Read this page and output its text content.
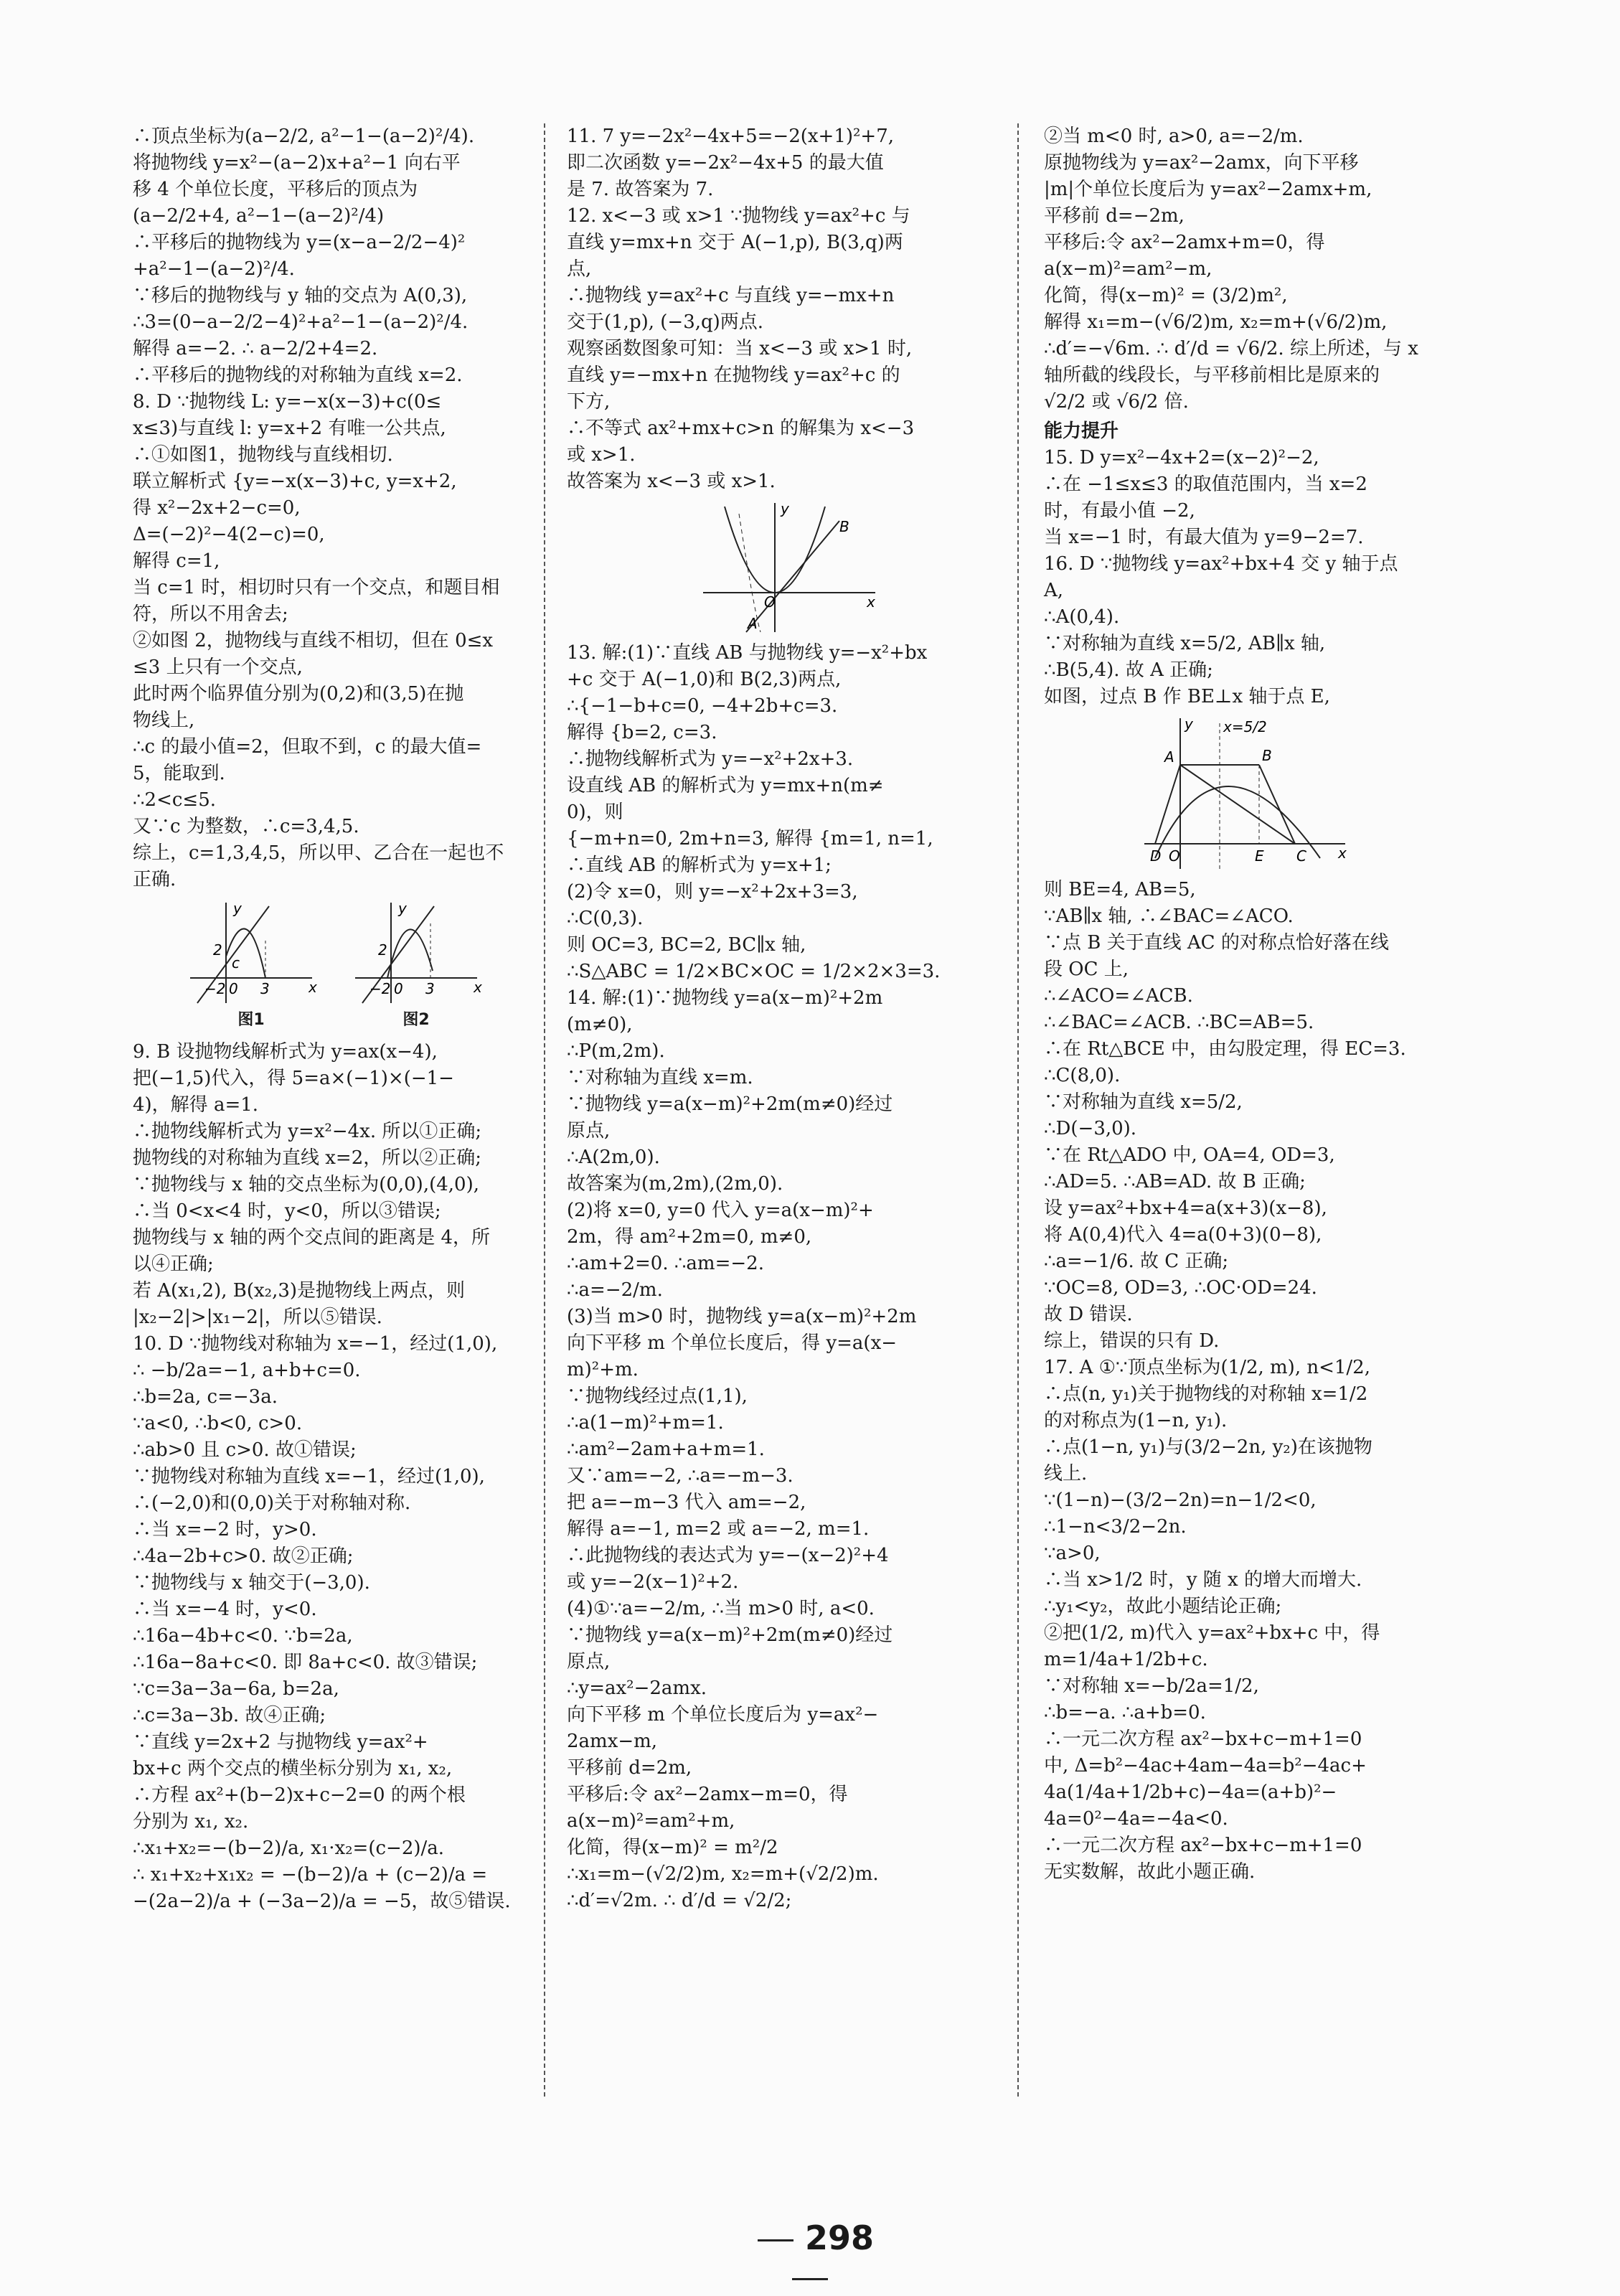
∴顶点坐标为(a−2/2, a²−1−(a−2)²/4).
将抛物线 y=x²−(a−2)x+a²−1 向右平
移 4 个单位长度，平移后的顶点为
(a−2/2+4, a²−1−(a−2)²/4)
∴平移后的抛物线为 y=(x−a−2/2−4)²
+a²−1−(a−2)²/4.
∵移后的抛物线与 y 轴的交点为 A(0,3),
∴3=(0−a−2/2−4)²+a²−1−(a−2)²/4.
解得 a=−2. ∴ a−2/2+4=2.
∴平移后的抛物线的对称轴为直线 x=2.
8. D ∵抛物线 L: y=−x(x−3)+c(0≤
x≤3)与直线 l: y=x+2 有唯一公共点,
∴①如图1，抛物线与直线相切.
联立解析式 {y=−x(x−3)+c, y=x+2,
得 x²−2x+2−c=0,
Δ=(−2)²−4(2−c)=0,
解得 c=1,
当 c=1 时，相切时只有一个交点，和题目相
符，所以不用舍去;
②如图 2，抛物线与直线不相切，但在 0≤x
≤3 上只有一个交点,
此时两个临界值分别为(0,2)和(3,5)在抛
物线上,
∴c 的最小值=2，但取不到，c 的最大值=
5，能取到.
∴2<c≤5.
又∵c 为整数，∴c=3,4,5.
综上，c=1,3,4,5，所以甲、乙合在一起也不
正确.
y
x
−2 0 3
2
c
图1
y
x
−2 0 3
2
图2
9. B 设抛物线解析式为 y=ax(x−4),
把(−1,5)代入，得 5=a×(−1)×(−1−
4)，解得 a=1.
∴抛物线解析式为 y=x²−4x. 所以①正确;
抛物线的对称轴为直线 x=2，所以②正确;
∵抛物线与 x 轴的交点坐标为(0,0),(4,0),
∴当 0<x<4 时，y<0，所以③错误;
抛物线与 x 轴的两个交点间的距离是 4，所
以④正确;
若 A(x₁,2), B(x₂,3)是抛物线上两点，则
|x₂−2|>|x₁−2|，所以⑤错误.
10. D ∵抛物线对称轴为 x=−1，经过(1,0),
∴ −b/2a=−1, a+b+c=0.
∴b=2a, c=−3a.
∵a<0, ∴b<0, c>0.
∴ab>0 且 c>0. 故①错误;
∵抛物线对称轴为直线 x=−1，经过(1,0),
∴(−2,0)和(0,0)关于对称轴对称.
∴当 x=−2 时，y>0.
∴4a−2b+c>0. 故②正确;
∵抛物线与 x 轴交于(−3,0).
∴当 x=−4 时，y<0.
∴16a−4b+c<0. ∵b=2a,
∴16a−8a+c<0. 即 8a+c<0. 故③错误;
∵c=3a−3a−6a, b=2a,
∴c=3a−3b. 故④正确;
∵直线 y=2x+2 与抛物线 y=ax²+
bx+c 两个交点的横坐标分别为 x₁, x₂,
∴方程 ax²+(b−2)x+c−2=0 的两个根
分别为 x₁, x₂.
∴x₁+x₂=−(b−2)/a, x₁·x₂=(c−2)/a.
∴ x₁+x₂+x₁x₂ = −(b−2)/a + (c−2)/a =
−(2a−2)/a + (−3a−2)/a = −5，故⑤错误.
11. 7 y=−2x²−4x+5=−2(x+1)²+7,
即二次函数 y=−2x²−4x+5 的最大值
是 7. 故答案为 7.
12. x<−3 或 x>1 ∵抛物线 y=ax²+c 与
直线 y=mx+n 交于 A(−1,p), B(3,q)两
点,
∴抛物线 y=ax²+c 与直线 y=−mx+n
交于(1,p), (−3,q)两点.
观察函数图象可知：当 x<−3 或 x>1 时,
直线 y=−mx+n 在抛物线 y=ax²+c 的
下方,
∴不等式 ax²+mx+c>n 的解集为 x<−3
或 x>1.
故答案为 x<−3 或 x>1.
y
x
O
A
B
13. 解:(1)∵直线 AB 与抛物线 y=−x²+bx
+c 交于 A(−1,0)和 B(2,3)两点,
∴{−1−b+c=0, −4+2b+c=3.
解得 {b=2, c=3.
∴抛物线解析式为 y=−x²+2x+3.
设直线 AB 的解析式为 y=mx+n(m≠
0)，则
{−m+n=0, 2m+n=3, 解得 {m=1, n=1,
∴直线 AB 的解析式为 y=x+1;
(2)令 x=0，则 y=−x²+2x+3=3,
∴C(0,3).
则 OC=3, BC=2, BC∥x 轴,
∴S△ABC = 1/2×BC×OC = 1/2×2×3=3.
14. 解:(1)∵抛物线 y=a(x−m)²+2m
(m≠0),
∴P(m,2m).
∵对称轴为直线 x=m.
∵抛物线 y=a(x−m)²+2m(m≠0)经过
原点,
∴A(2m,0).
故答案为(m,2m),(2m,0).
(2)将 x=0, y=0 代入 y=a(x−m)²+
2m，得 am²+2m=0, m≠0,
∴am+2=0. ∴am=−2.
∴a=−2/m.
(3)当 m>0 时，抛物线 y=a(x−m)²+2m
向下平移 m 个单位长度后，得 y=a(x−
m)²+m.
∵抛物线经过点(1,1),
∴a(1−m)²+m=1.
∴am²−2am+a+m=1.
又∵am=−2, ∴a=−m−3.
把 a=−m−3 代入 am=−2,
解得 a=−1, m=2 或 a=−2, m=1.
∴此抛物线的表达式为 y=−(x−2)²+4
或 y=−2(x−1)²+2.
(4)①∵a=−2/m, ∴当 m>0 时, a<0.
∵抛物线 y=a(x−m)²+2m(m≠0)经过
原点,
∴y=ax²−2amx.
向下平移 m 个单位长度后为 y=ax²−
2amx−m,
平移前 d=2m,
平移后:令 ax²−2amx−m=0，得
a(x−m)²=am²+m,
化简，得(x−m)² = m²/2
∴x₁=m−(√2/2)m, x₂=m+(√2/2)m.
∴d′=√2m. ∴ d′/d = √2/2;
②当 m<0 时, a>0, a=−2/m.
原抛物线为 y=ax²−2amx，向下平移
|m|个单位长度后为 y=ax²−2amx+m,
平移前 d=−2m,
平移后:令 ax²−2amx+m=0，得
a(x−m)²=am²−m,
化简，得(x−m)² = (3/2)m²,
解得 x₁=m−(√6/2)m, x₂=m+(√6/2)m,
∴d′=−√6m. ∴ d′/d = √6/2. 综上所述，与 x
轴所截的线段长，与平移前相比是原来的
√2/2 或 √6/2 倍.
能力提升
15. D y=x²−4x+2=(x−2)²−2,
∴在 −1≤x≤3 的取值范围内，当 x=2
时，有最小值 −2,
当 x=−1 时，有最大值为 y=9−2=7.
16. D ∵抛物线 y=ax²+bx+4 交 y 轴于点
A,
∴A(0,4).
∵对称轴为直线 x=5/2, AB∥x 轴,
∴B(5,4). 故 A 正确;
如图，过点 B 作 BE⊥x 轴于点 E,
y
x
x=5/2
A	B
D O	E C
则 BE=4, AB=5,
∵AB∥x 轴, ∴∠BAC=∠ACO.
∵点 B 关于直线 AC 的对称点恰好落在线
段 OC 上,
∴∠ACO=∠ACB.
∴∠BAC=∠ACB. ∴BC=AB=5.
∴在 Rt△BCE 中，由勾股定理，得 EC=3.
∴C(8,0).
∵对称轴为直线 x=5/2,
∴D(−3,0).
∵在 Rt△ADO 中, OA=4, OD=3,
∴AD=5. ∴AB=AD. 故 B 正确;
设 y=ax²+bx+4=a(x+3)(x−8),
将 A(0,4)代入 4=a(0+3)(0−8),
∴a=−1/6. 故 C 正确;
∵OC=8, OD=3, ∴OC·OD=24.
故 D 错误.
综上，错误的只有 D.
17. A ①∵顶点坐标为(1/2, m), n<1/2,
∴点(n, y₁)关于抛物线的对称轴 x=1/2
的对称点为(1−n, y₁).
∴点(1−n, y₁)与(3/2−2n, y₂)在该抛物
线上.
∵(1−n)−(3/2−2n)=n−1/2<0,
∴1−n<3/2−2n.
∵a>0,
∴当 x>1/2 时，y 随 x 的增大而增大.
∴y₁<y₂，故此小题结论正确;
②把(1/2, m)代入 y=ax²+bx+c 中，得
m=1/4a+1/2b+c.
∵对称轴 x=−b/2a=1/2,
∴b=−a. ∴a+b=0.
∴一元二次方程 ax²−bx+c−m+1=0
中, Δ=b²−4ac+4am−4a=b²−4ac+
4a(1/4a+1/2b+c)−4a=(a+b)²−
4a=0²−4a=−4a<0.
∴一元二次方程 ax²−bx+c−m+1=0
无实数解，故此小题正确.
298
